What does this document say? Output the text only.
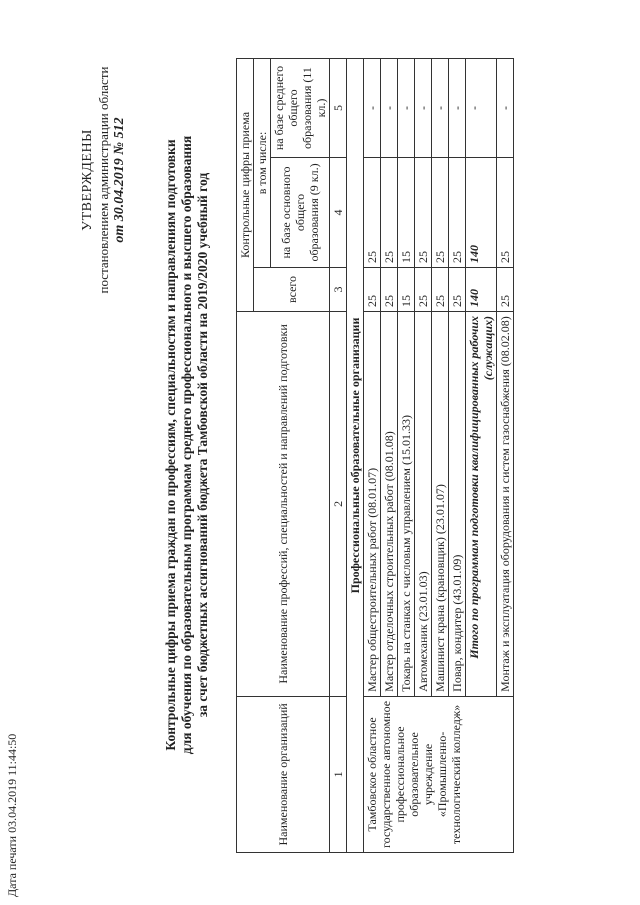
УТВЕРЖДЕНЫ постановлением администрации области от 30.04.2019 № 512	Контрольные цифры приема граждан по профессиям, специальностям и направлениям подготовки для обучения по образовательным программам среднего профессионального и высшего образования за счет бюджетных ассигнований бюджета Тамбовской области на 2019/2020 учебный год
Наименование организаций	Наименование профессий, специальностей и направлений подготовки	Контрольные цифры приема		
		всего	в том числе:	
			на базе основного общего образования (9 кл.)	на базе среднего общего образования (11 кл.)
1	2	3	4	5
Профессиональные образовательные организации				
Тамбовское областное государственное автономное профессиональное образовательное учреждение «Промышленно-технологический колледж»	Мастер общестроительных работ (08.01.07)	25	25	-
	Мастер отделочных строительных работ (08.01.08)	25	25	-
	Токарь на станках с числовым управлением (15.01.33)	15	15	-
	Автомеханик (23.01.03)	25	25	-
	Машинист крана (крановщик) (23.01.07)	25	25	-
	Повар, кондитер (43.01.09)	25	25	-
	Итого по программам подготовки квалифицированных рабочих (служащих)	140	140	-
	Монтаж и эксплуатация оборудования и систем газоснабжения (08.02.08)	25	25	-
Дата печати 03.04.2019 11:44:50
